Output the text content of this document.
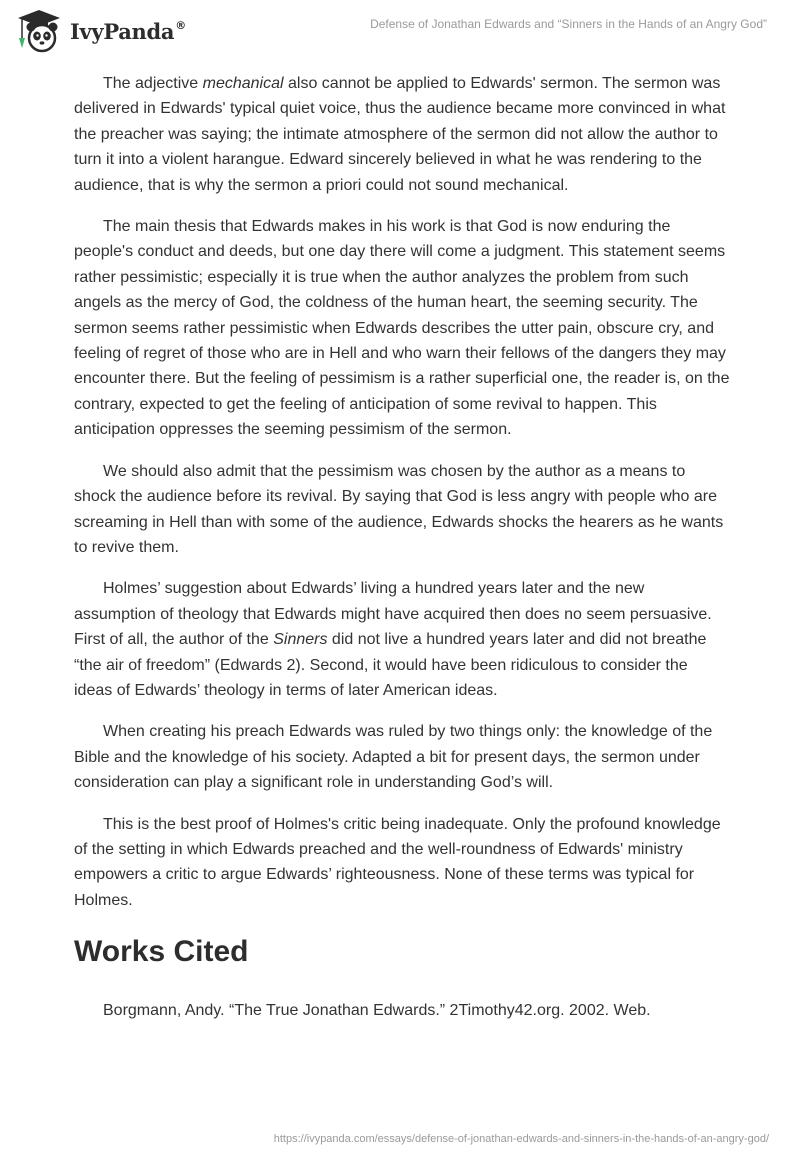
IvyPanda®	Defense of Jonathan Edwards and “Sinners in the Hands of an Angry God”

The adjective mechanical also cannot be applied to Edwards' sermon. The sermon was delivered in Edwards' typical quiet voice, thus the audience became more convinced in what the preacher was saying; the intimate atmosphere of the sermon did not allow the author to turn it into a violent harangue. Edward sincerely believed in what he was rendering to the audience, that is why the sermon a priori could not sound mechanical.

The main thesis that Edwards makes in his work is that God is now enduring the people's conduct and deeds, but one day there will come a judgment. This statement seems rather pessimistic; especially it is true when the author analyzes the problem from such angels as the mercy of God, the coldness of the human heart, the seeming security. The sermon seems rather pessimistic when Edwards describes the utter pain, obscure cry, and feeling of regret of those who are in Hell and who warn their fellows of the dangers they may encounter there. But the feeling of pessimism is a rather superficial one, the reader is, on the contrary, expected to get the feeling of anticipation of some revival to happen. This anticipation oppresses the seeming pessimism of the sermon.

We should also admit that the pessimism was chosen by the author as a means to shock the audience before its revival. By saying that God is less angry with people who are screaming in Hell than with some of the audience, Edwards shocks the hearers as he wants to revive them.

Holmes’ suggestion about Edwards’ living a hundred years later and the new assumption of theology that Edwards might have acquired then does no seem persuasive. First of all, the author of the Sinners did not live a hundred years later and did not breathe “the air of freedom” (Edwards 2). Second, it would have been ridiculous to consider the ideas of Edwards’ theology in terms of later American ideas.

When creating his preach Edwards was ruled by two things only: the knowledge of the Bible and the knowledge of his society. Adapted a bit for present days, the sermon under consideration can play a significant role in understanding God’s will.

This is the best proof of Holmes's critic being inadequate. Only the profound knowledge of the setting in which Edwards preached and the well-roundness of Edwards' ministry empowers a critic to argue Edwards’ righteousness. None of these terms was typical for Holmes.

Works Cited

Borgmann, Andy. “The True Jonathan Edwards.” 2Timothy42.org. 2002. Web.

https://ivypanda.com/essays/defense-of-jonathan-edwards-and-sinners-in-the-hands-of-an-angry-god/
